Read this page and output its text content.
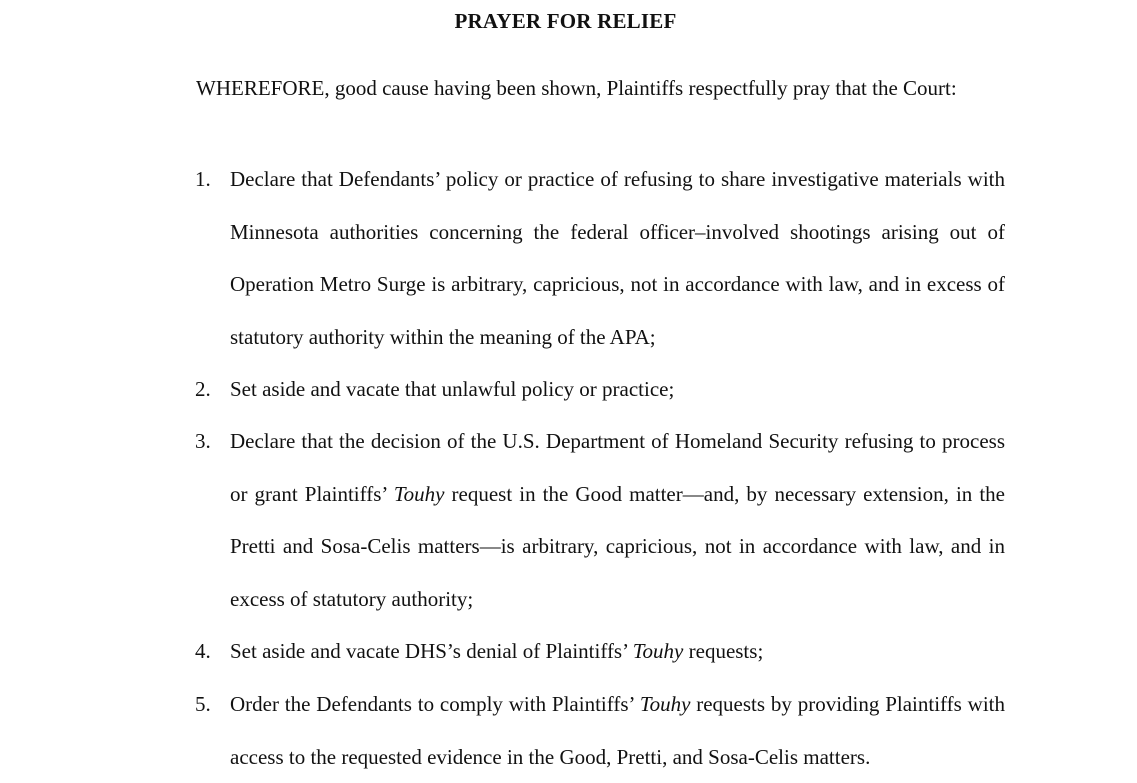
PRAYER FOR RELIEF

WHEREFORE, good cause having been shown, Plaintiffs respectfully pray that the Court:

1. Declare that Defendants’ policy or practice of refusing to share investigative materials with Minnesota authorities concerning the federal officer–involved shootings arising out of Operation Metro Surge is arbitrary, capricious, not in accordance with law, and in excess of statutory authority within the meaning of the APA;
2. Set aside and vacate that unlawful policy or practice;
3. Declare that the decision of the U.S. Department of Homeland Security refusing to process or grant Plaintiffs’ Touhy request in the Good matter—and, by necessary extension, in the Pretti and Sosa-Celis matters—is arbitrary, capricious, not in accordance with law, and in excess of statutory authority;
4. Set aside and vacate DHS’s denial of Plaintiffs’ Touhy requests;
5. Order the Defendants to comply with Plaintiffs’ Touhy requests by providing Plaintiffs with access to the requested evidence in the Good, Pretti, and Sosa-Celis matters.
